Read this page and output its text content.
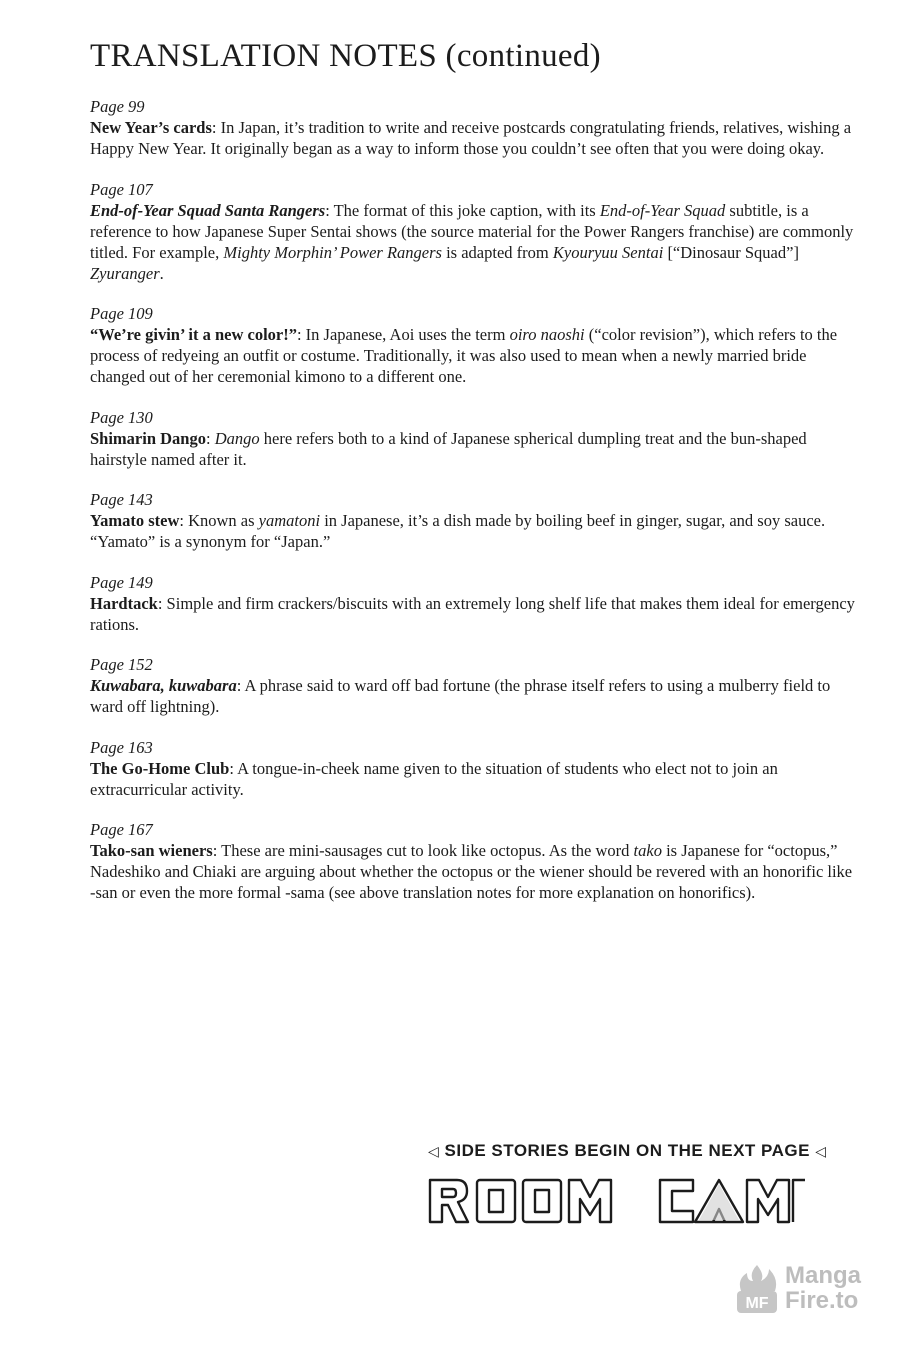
TRANSLATION NOTES (continued)
Page 99
New Year’s cards: In Japan, it’s tradition to write and receive postcards congratulating friends, relatives, wishing a Happy New Year. It originally began as a way to inform those you couldn’t see often that you were doing okay.
Page 107
End-of-Year Squad Santa Rangers: The format of this joke caption, with its End-of-Year Squad subtitle, is a reference to how Japanese Super Sentai shows (the source material for the Power Rangers franchise) are commonly titled. For example, Mighty Morphin’ Power Rangers is adapted from Kyouryuu Sentai [“Dinosaur Squad”] Zyuranger.
Page 109
“We’re givin’ it a new color!”: In Japanese, Aoi uses the term oiro naoshi (“color revision”), which refers to the process of redyeing an outfit or costume. Traditionally, it was also used to mean when a newly married bride changed out of her ceremonial kimono to a different one.
Page 130
Shimarin Dango: Dango here refers both to a kind of Japanese spherical dumpling treat and the bun-shaped hairstyle named after it.
Page 143
Yamato stew: Known as yamatoni in Japanese, it’s a dish made by boiling beef in ginger, sugar, and soy sauce. “Yamato” is a synonym for “Japan.”
Page 149
Hardtack: Simple and firm crackers/biscuits with an extremely long shelf life that makes them ideal for emergency rations.
Page 152
Kuwabara, kuwabara: A phrase said to ward off bad fortune (the phrase itself refers to using a mulberry field to ward off lightning).
Page 163
The Go-Home Club: A tongue-in-cheek name given to the situation of students who elect not to join an extracurricular activity.
Page 167
Tako-san wieners: These are mini-sausages cut to look like octopus. As the word tako is Japanese for “octopus,” Nadeshiko and Chiaki are arguing about whether the octopus or the wiener should be revered with an honorific like -san or even the more formal -sama (see above translation notes for more explanation on honorifics).
◁ SIDE STORIES BEGIN ON THE NEXT PAGE ◁
MF
Manga
Fire.to
